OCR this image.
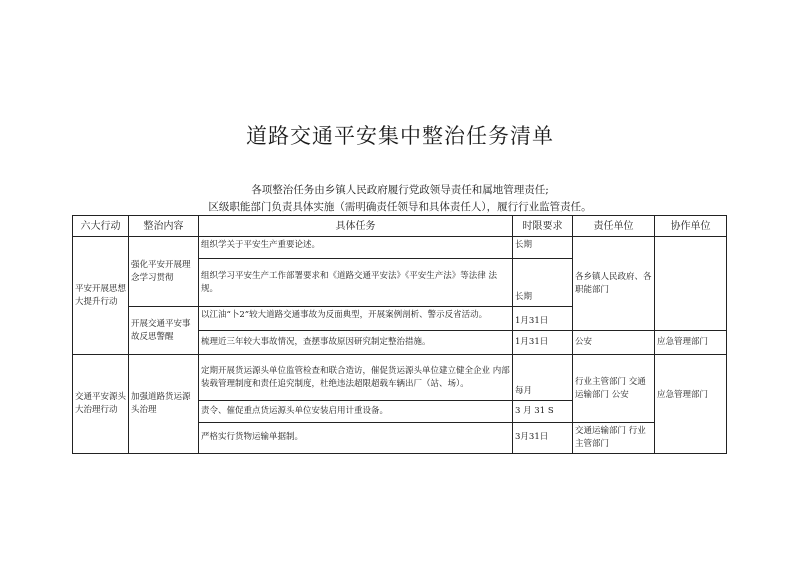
道路交通平安集中整治任务清单
各项整治任务由乡镇人民政府履行党政领导责任和属地管理责任;
区级职能部门负责具体实施（需明确责任领导和具体责任人），履行行业监管责任。
六大行动	整治内容	具体任务	时限要求	责任单位	协作单位
平安开展思想大提升行动	强化平安开展理念学习贯彻	组织学关于平安生产重要论述。	长期	各乡镇人民政府、各职能部门	
		组织学习平安生产工作部署要求和《道路交通平安法》《平安生产法》等法律 法规。	长期		
	开展交通平安事故反思警醒	以江油“卜2”较大道路交通事故为反面典型，开展案例剖析、警示反省活动。	1月31日		
		梳理近三年较大事故情况，查摆事故原因研究制定整治措施。	1月31日	公安	应急管理部门
交通平安源头大治理行动	加强道路货运源头治理	定期开展货运源头单位监管检查和联合造访，催促货运源头单位建立健全企业 内部装载管理制度和责任追究制度，杜绝违法超限超载车辆出厂（站、场）。	每月	行业主管部门 交通运输部门 公安	应急管理部门
		责令、催促重点货运源头单位安装启用计重设备。	3 月 31 S		
		严格实行货物运输单据制。	3月31日	交通运输部门 行业主管部门	
